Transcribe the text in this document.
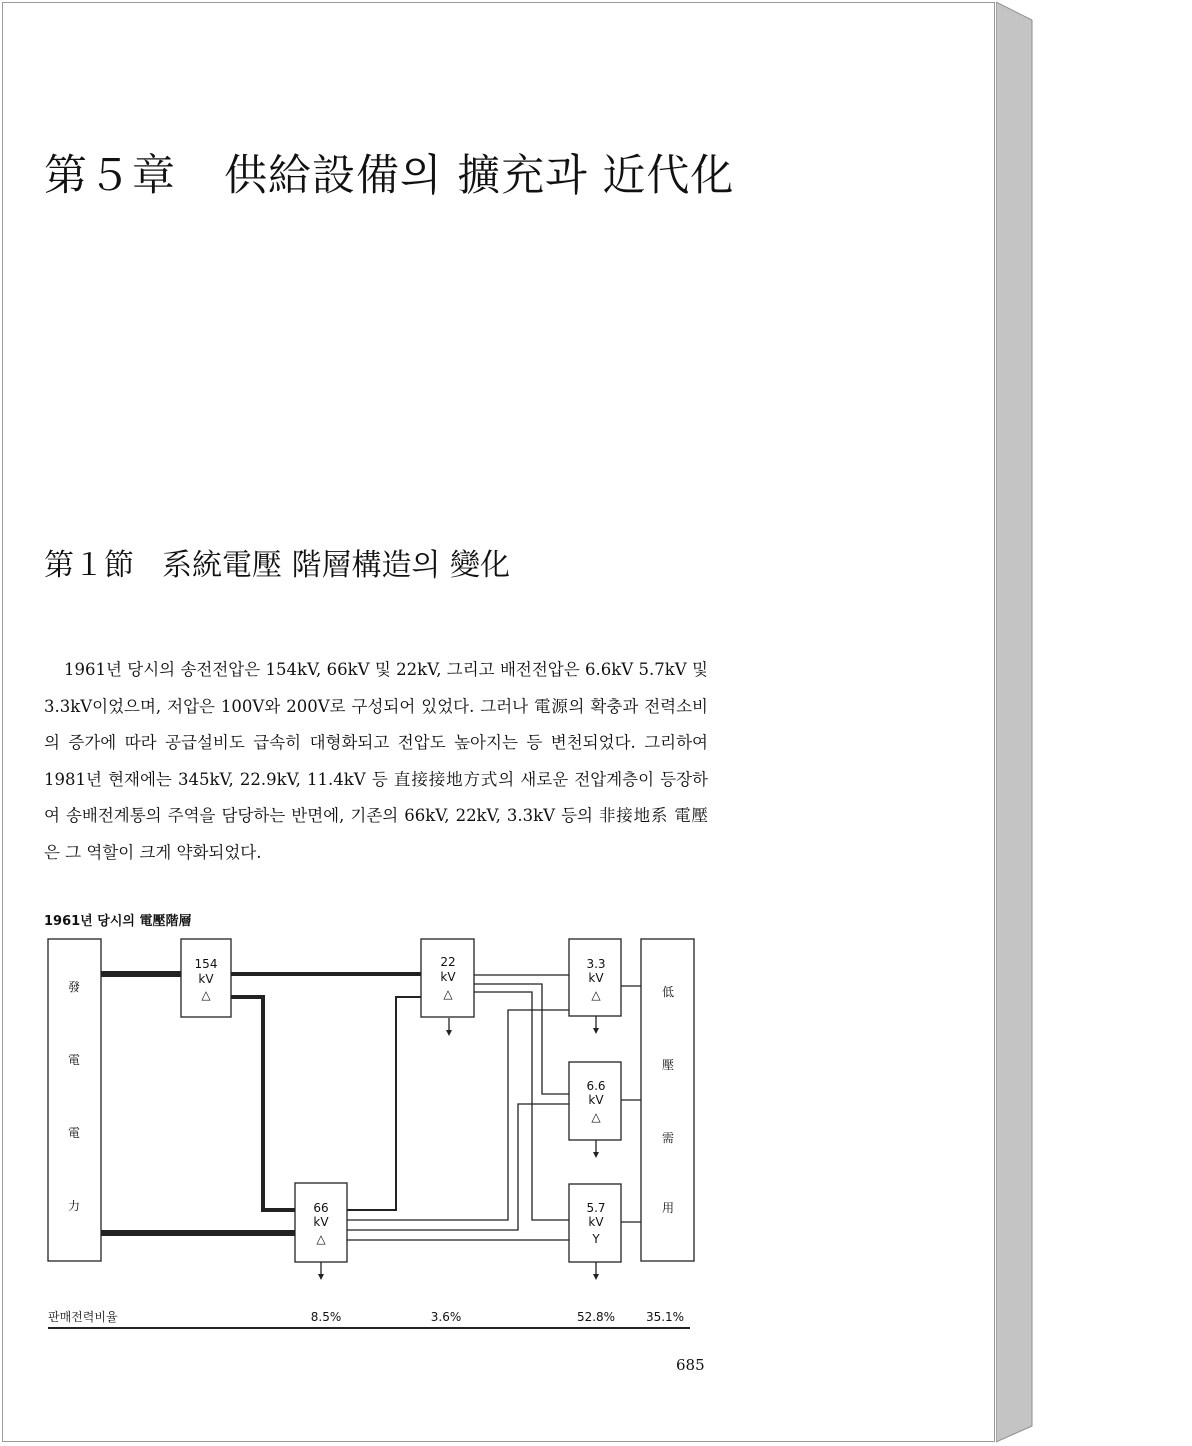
第５章 供給設備의 擴充과 近代化
第１節 系統電壓 階層構造의 變化

1961년 당시의 송전전압은 154kV, 66kV 및 22kV, 그리고 배전전압은 6.6kV 5.7kV 및 3.3kV이었으며, 저압은 100V와 200V로 구성되어 있었다. 그러나 電源의 확충과 전력소비의 증가에 따라 공급설비도 급속히 대형화되고 전압도 높아지는 등 변천되었다. 그리하여 1981년 현재에는 345kV, 22.9kV, 11.4kV 등 直接接地方式의 새로운 전압계층이 등장하여 송배전계통의 주역을 담당하는 반면에, 기존의 66kV, 22kV, 3.3kV 등의 非接地系 電壓은 그 역할이 크게 약화되었다.

1961년 당시의 電壓階層
發
電
電
力
低
壓
需
用
154
kV
△
66
kV
△
22
kV
△
3.3
kV
△
6.6
kV
△
5.7
kV
Y
판매전력비율	8.5%	3.6%	52.8%	35.1%
685
